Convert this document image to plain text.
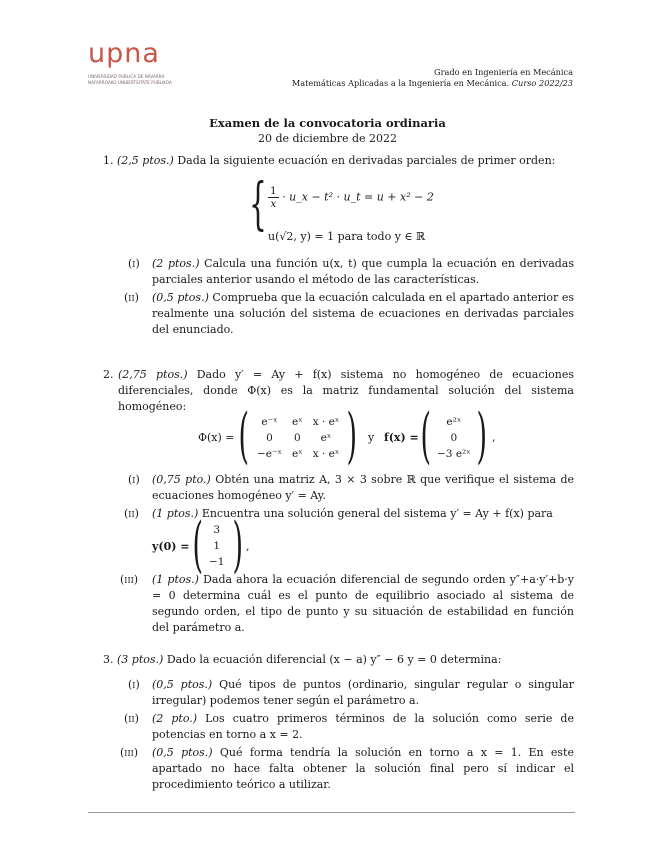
upna
UNIVERSIDAD PÚBLICA DE NAVARRA
NAFARROAKO UNIBERTSITATE PUBLIKOA
Grado en Ingeniería en Mecánica
Matemáticas Aplicadas a la Ingeniería en Mecánica. Curso 2022/23
Examen de la convocatoria ordinaria
20 de diciembre de 2022
1. (2,5 ptos.) Dada la siguiente ecuación en derivadas parciales de primer orden:
{ $\frac{1}{x}$ · u_x − t² · u_t = u + x² − 2
u(√2, y) = 1 para todo y ∈ ℝ
(i) (2 ptos.) Calcula una función u(x, t) que cumpla la ecuación en derivadas parciales anterior usando el método de las características.
(ii) (0,5 ptos.) Comprueba que la ecuación calculada en el apartado anterior es realmente una solución del sistema de ecuaciones en derivadas parciales del enunciado.
2. (2,75 ptos.) Dado y′ = Ay + f(x) sistema no homogéneo de ecuaciones diferenciales, donde Φ(x) es la matriz fundamental solución del sistema homogéneo:
Φ(x) = ( e⁻ˣ	eˣ	x · eˣ
0	0	eˣ
−e⁻ˣ	eˣ	x · eˣ ) y f(x) = ( e²ˣ
0
−3 e²ˣ ) ,
(i) (0,75 pto.) Obtén una matriz A, 3 × 3 sobre ℝ que verifique el sistema de ecuaciones homogéneo y′ = Ay.
(ii) (1 ptos.) Encuentra una solución general del sistema y′ = Ay + f(x) para
y(0) = ( 3
1
−1 ) ,
(iii) (1 ptos.) Dada ahora la ecuación diferencial de segundo orden y″+a·y′+b·y = 0 determina cuál es el punto de equilibrio asociado al sistema de segundo orden, el tipo de punto y su situación de estabilidad en función del parámetro a.
3. (3 ptos.) Dado la ecuación diferencial (x − a) y″ − 6 y = 0 determina:
(i) (0,5 ptos.) Qué tipos de puntos (ordinario, singular regular o singular irregular) podemos tener según el parámetro a.
(ii) (2 pto.) Los cuatro primeros términos de la solución como serie de potencias en torno a x = 2.
(iii) (0,5 ptos.) Qué forma tendría la solución en torno a x = 1. En este apartado no hace falta obtener la solución final pero sí indicar el procedimiento teórico a utilizar.
